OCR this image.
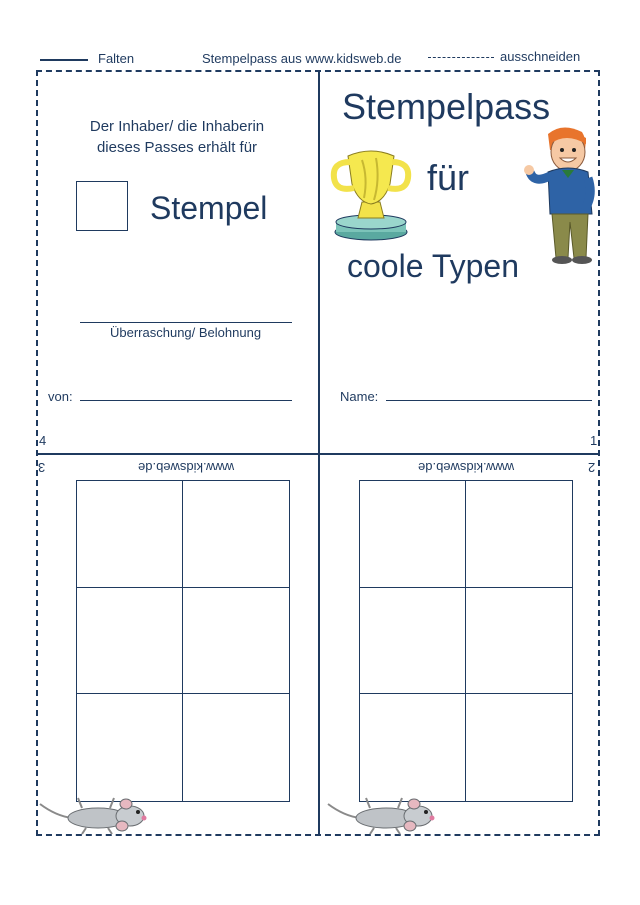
Falten	Stempelpass aus www.kidsweb.de	ausschneiden
Der Inhaber/ die Inhaberin
dieses Passes erhält für
Stempel
Überraschung/ Belohnung
von:
4
Stempelpass
für
coole Typen
Name:
1
3	www.kidsweb.de	2
www.kidsweb.de
